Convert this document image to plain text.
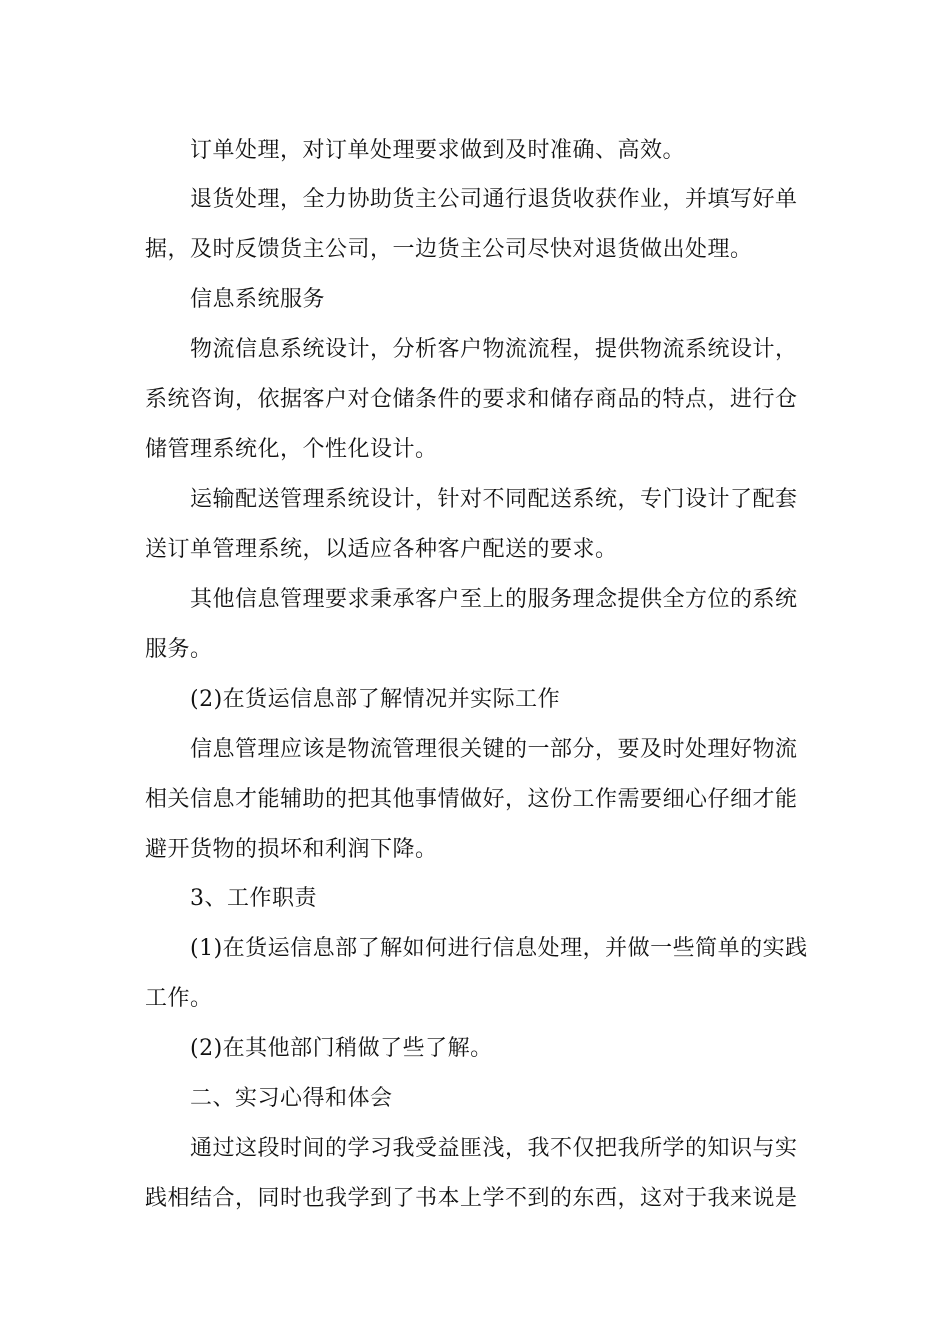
订单处理，对订单处理要求做到及时准确、高效。
退货处理，全力协助货主公司通行退货收获作业，并填写好单
据，及时反馈货主公司，一边货主公司尽快对退货做出处理。
信息系统服务
物流信息系统设计，分析客户物流流程，提供物流系统设计，
系统咨询，依据客户对仓储条件的要求和储存商品的特点，进行仓
储管理系统化，个性化设计。
运输配送管理系统设计，针对不同配送系统，专门设计了配套
送订单管理系统，以适应各种客户配送的要求。
其他信息管理要求秉承客户至上的服务理念提供全方位的系统
服务。
(2)在货运信息部了解情况并实际工作
信息管理应该是物流管理很关键的一部分，要及时处理好物流
相关信息才能辅助的把其他事情做好，这份工作需要细心仔细才能
避开货物的损坏和利润下降。
3、工作职责
(1)在货运信息部了解如何进行信息处理，并做一些简单的实践
工作。
(2)在其他部门稍做了些了解。
二、实习心得和体会
通过这段时间的学习我受益匪浅，我不仅把我所学的知识与实
践相结合，同时也我学到了书本上学不到的东西，这对于我来说是
